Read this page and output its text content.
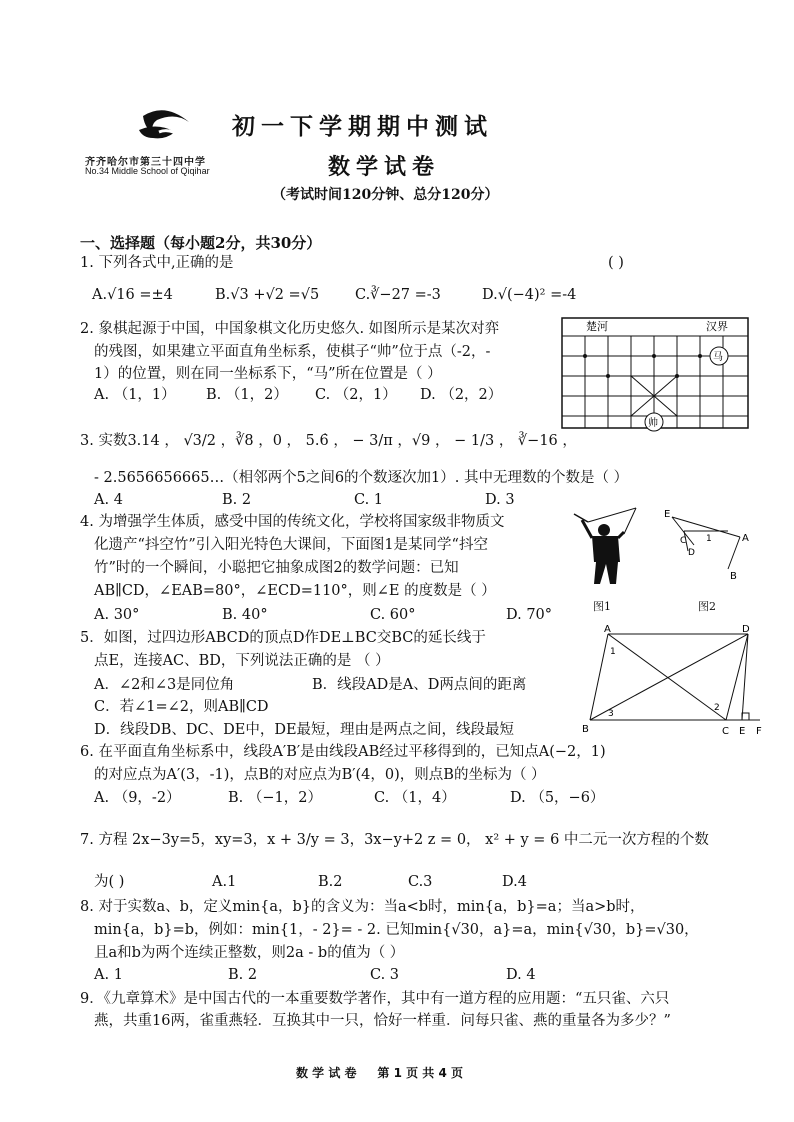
齐齐哈尔市第三十四中学
No.34 Middle School of Qiqihar
初一下学期期中测试
数学试卷
（考试时间120分钟、总分120分）
一、选择题（每小题2分，共30分）
1. 下列各式中,正确的是	( )
A.√16 =±4	B.√3 +√2 =√5 C.∛−27 =-3	D.√(−4)² =-4
2. 象棋起源于中国，中国象棋文化历史悠久. 如图所示是某次对弈
的残图，如果建立平面直角坐标系，使棋子“帅”位于点（-2，-
1）的位置，则在同一坐标系下，“马”所在位置是（ ）
A. （1，1） B. （1，2） C. （2，1） D. （2，2）
楚河	汉界
马
帅
3. 实数3.14 ， √3/2 ，∛8 ，0 ， 5.6̇ ， − 3/π ，√9 ， − 1/3 ， ∛−16 ，
- 2.5656656665…（相邻两个5之间6的个数逐次加1）. 其中无理数的个数是（ ）
A. 4	B. 2	C. 1	D. 3
4. 为增强学生体质，感受中国的传统文化，学校将国家级非物质文
化遗产“抖空竹”引入阳光特色大课间，下面图1是某同学“抖空
竹”时的一个瞬间，小聪把它抽象成图2的数学问题：已知
AB∥CD，∠EAB=80°，∠ECD=110°，则∠E 的度数是（ ）
A. 30°	B. 40°	C. 60°	D. 70°
图1
E
C
D
1	A
B
图2
5．如图，过四边形ABCD的顶点D作DE⊥BC交BC的延长线于
点E，连接AC、BD，下列说法正确的是 （ ）
A．∠2和∠3是同位角	B．线段AD是A、D两点间的距离
C．若∠1=∠2，则AB∥CD
D．线段DB、DC、DE中，DE最短，理由是两点之间，线段最短
A	D
1
3
2
B	C E F
6. 在平面直角坐标系中，线段A′B′是由线段AB经过平移得到的，已知点A(−2，1)
的对应点为A′(3，-1)，点B的对应点为B′(4，0)，则点B的坐标为（ ）
A. （9，-2）	B. （−1，2）	C. （1，4）	D. （5，−6）
7. 方程 2x−3y=5，xy=3，x + 3/y = 3，3x−y+2 z = 0， x² + y = 6 中二元一次方程的个数
为( )	A.1	B.2	C.3	D.4
8. 对于实数a、b，定义min{a，b}的含义为：当a<b时，min{a，b}=a；当a>b时，
min{a，b}=b，例如：min{1，- 2}= - 2. 已知min{√30，a}=a，min{√30，b}=√30，
且a和b为两个连续正整数，则2a - b的值为（ ）
A. 1	B. 2	C. 3	D. 4
9．《九章算术》是中国古代的一本重要数学著作，其中有一道方程的应用题：“五只雀、六只
燕，共重16两，雀重燕轻．互换其中一只，恰好一样重．问每只雀、燕的重量各为多少？”
数 学 试 卷     第 1 页 共 4 页
